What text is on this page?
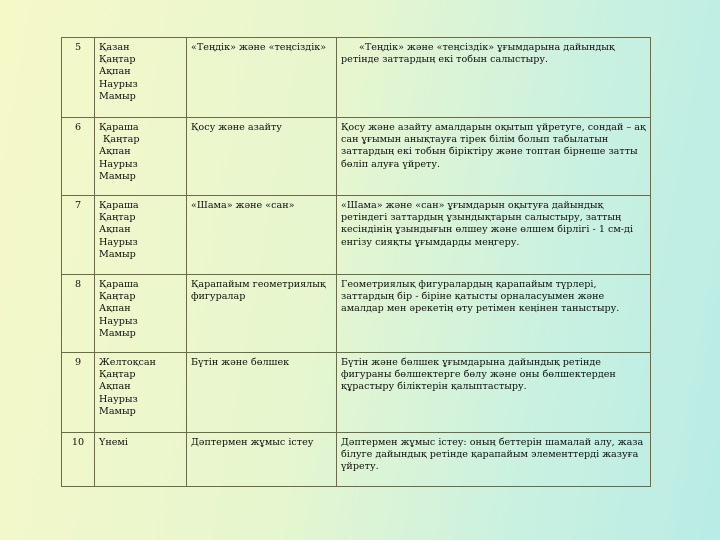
5	Қазан
Қаңтар
Ақпан
Наурыз
Мамыр	«Теңдік» және «теңсіздік»	«Теңдік» және «теңсіздік» ұғымдарына дайындық ретінде заттардың екі тобын салыстыру.
6	Қараша
Қаңтар
Ақпан
Наурыз
Мамыр	Қосу және азайту	Қосу және азайту амалдарын оқытып үйретуге, сондай – ақ сан ұғымын анықтауға тірек білім болып табылатын заттардың екі тобын біріктіру және топтан бірнеше затты бөліп алуға үйрету.
7	Қараша
Қаңтар
Ақпан
Наурыз
Мамыр	«Шама» және «сан»	«Шама» және «сан» ұғымдарын оқытуға дайындық ретіндегі заттардың ұзындықтарын салыстыру, заттың кесіндінің ұзындығын өлшеу және өлшем бірлігі - 1 см-ді енгізу сияқты ұғымдарды меңгеру.
8	Қараша
Қаңтар
Ақпан
Наурыз
Мамыр	Қарапайым геометриялық фигуралар	Геометриялық фигуралардың қарапайым түрлері, заттардың бір - біріне қатысты орналасуымен және амалдар мен әрекетің өту ретімен кеңінен таныстыру.
9	Желтоқсан
Қаңтар
Ақпан
Наурыз
Мамыр	Бүтін және бөлшек	Бүтін және бөлшек ұғымдарына дайындық ретінде фигураны бөлшектерге бөлу және оны бөлшектерден құрастыру біліктерін қалыптастыру.
10	Үнемі	Дәптермен жұмыс істеу	Дәптермен жұмыс істеу: оның беттерін шамалай алу, жаза білуге дайындық ретінде қарапайым элементтерді жазуға үйрету.
